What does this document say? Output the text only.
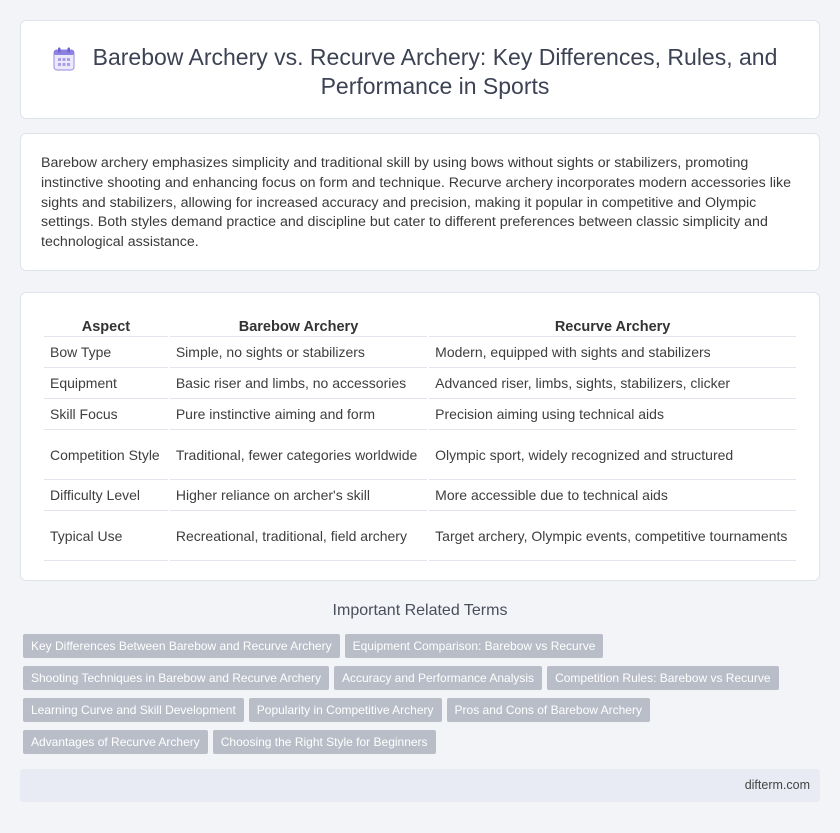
Barebow Archery vs. Recurve Archery: Key Differences, Rules, and Performance in Sports

Barebow archery emphasizes simplicity and traditional skill by using bows without sights or stabilizers, promoting instinctive shooting and enhancing focus on form and technique. Recurve archery incorporates modern accessories like sights and stabilizers, allowing for increased accuracy and precision, making it popular in competitive and Olympic settings. Both styles demand practice and discipline but cater to different preferences between classic simplicity and technological assistance.

Aspect	Barebow Archery	Recurve Archery
Bow Type	Simple, no sights or stabilizers	Modern, equipped with sights and stabilizers
Equipment	Basic riser and limbs, no accessories	Advanced riser, limbs, sights, stabilizers, clicker
Skill Focus	Pure instinctive aiming and form	Precision aiming using technical aids
Competition Style	Traditional, fewer categories worldwide	Olympic sport, widely recognized and structured
Difficulty Level	Higher reliance on archer's skill	More accessible due to technical aids
Typical Use	Recreational, traditional, field archery	Target archery, Olympic events, competitive tournaments
Important Related Terms
Key Differences Between Barebow and Recurve Archery Equipment Comparison: Barebow vs Recurve
Shooting Techniques in Barebow and Recurve Archery Accuracy and Performance Analysis Competition Rules: Barebow vs Recurve
Learning Curve and Skill Development Popularity in Competitive Archery Pros and Cons of Barebow Archery
Advantages of Recurve Archery Choosing the Right Style for Beginners
difterm.com
